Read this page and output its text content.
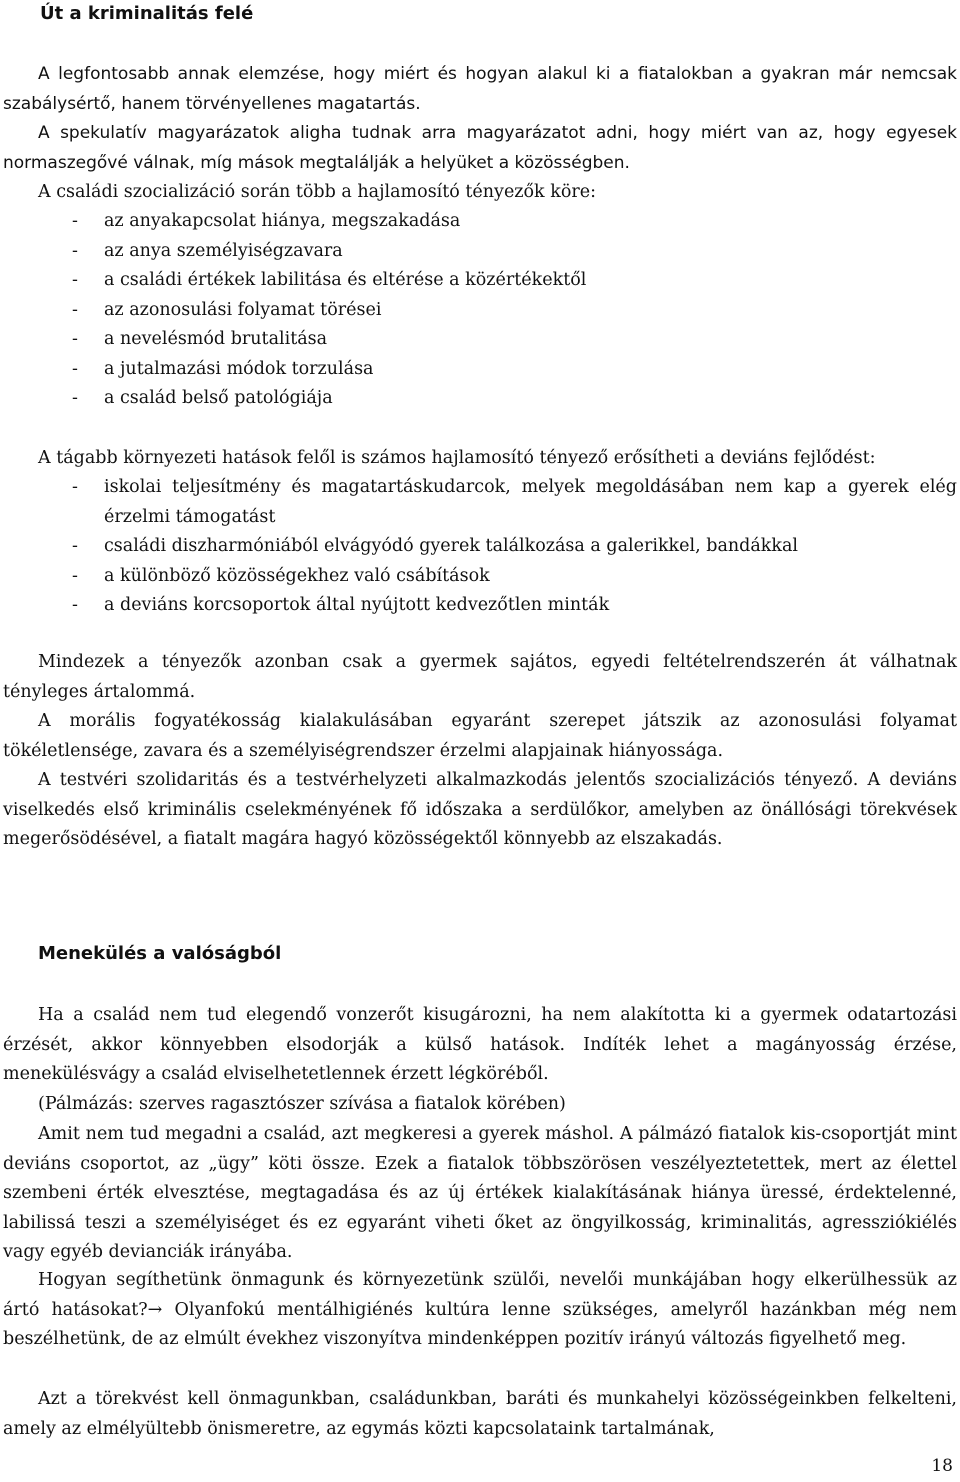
Út a kriminalitás felé

A legfontosabb annak elemzése, hogy miért és hogyan alakul ki a fiatalokban a gyakran már nemcsak szabálysértő, hanem törvényellenes magatartás.

A spekulatív magyarázatok aligha tudnak arra magyarázatot adni, hogy miért van az, hogy egyesek normaszegővé válnak, míg mások megtalálják a helyüket a közösségben.

A családi szocializáció során több a hajlamosító tényezők köre:

- az anyakapcsolat hiánya, megszakadása
- az anya személyiségzavara
- a családi értékek labilitása és eltérése a közértékektől
- az azonosulási folyamat törései
- a nevelésmód brutalitása
- a jutalmazási módok torzulása
- a család belső patológiája

A tágabb környezeti hatások felől is számos hajlamosító tényező erősítheti a deviáns fejlődést:

- iskolai teljesítmény és magatartáskudarcok, melyek megoldásában nem kap a gyerek elég érzelmi támogatást
- családi diszharmóniából elvágyódó gyerek találkozása a galerikkel, bandákkal
- a különböző közösségekhez való csábítások
- a deviáns korcsoportok által nyújtott kedvezőtlen minták

Mindezek a tényezők azonban csak a gyermek sajátos, egyedi feltételrendszerén át válhatnak tényleges ártalommá.

A morális fogyatékosság kialakulásában egyaránt szerepet játszik az azonosulási folyamat tökéletlensége, zavara és a személyiségrendszer érzelmi alapjainak hiányossága.

A testvéri szolidaritás és a testvérhelyzeti alkalmazkodás jelentős szocializációs tényező. A deviáns viselkedés első kriminális cselekményének fő időszaka a serdülőkor, amelyben az önállósági törekvések megerősödésével, a fiatalt magára hagyó közösségektől könnyebb az elszakadás.

Menekülés a valóságból

Ha a család nem tud elegendő vonzerőt kisugározni, ha nem alakította ki a gyermek odatartozási érzését, akkor könnyebben elsodorják a külső hatások. Indíték lehet a magányosság érzése, menekülésvágy a család elviselhetetlennek érzett légköréből.

(Pálmázás: szerves ragasztószer szívása a fiatalok körében)

Amit nem tud megadni a család, azt megkeresi a gyerek máshol. A pálmázó fiatalok kis-csoportját mint deviáns csoportot, az „ügy” köti össze. Ezek a fiatalok többszörösen veszélyeztetettek, mert az élettel szembeni érték elvesztése, megtagadása és az új értékek kialakításának hiánya üressé, érdektelenné, labilissá teszi a személyiséget és ez egyaránt viheti őket az öngyilkosság, kriminalitás, agressziókiélés vagy egyéb devianciák irányába.

Hogyan segíthetünk önmagunk és környezetünk szülői, nevelői munkájában hogy elkerülhessük az ártó hatásokat?→ Olyanfokú mentálhigiénés kultúra lenne szükséges, amelyről hazánkban még nem beszélhetünk, de az elmúlt évekhez viszonyítva mindenképpen pozitív irányú változás figyelhető meg.

Azt a törekvést kell önmagunkban, családunkban, baráti és munkahelyi közösségeinkben felkelteni, amely az elmélyültebb önismeretre, az egymás közti kapcsolataink tartalmának,

18
